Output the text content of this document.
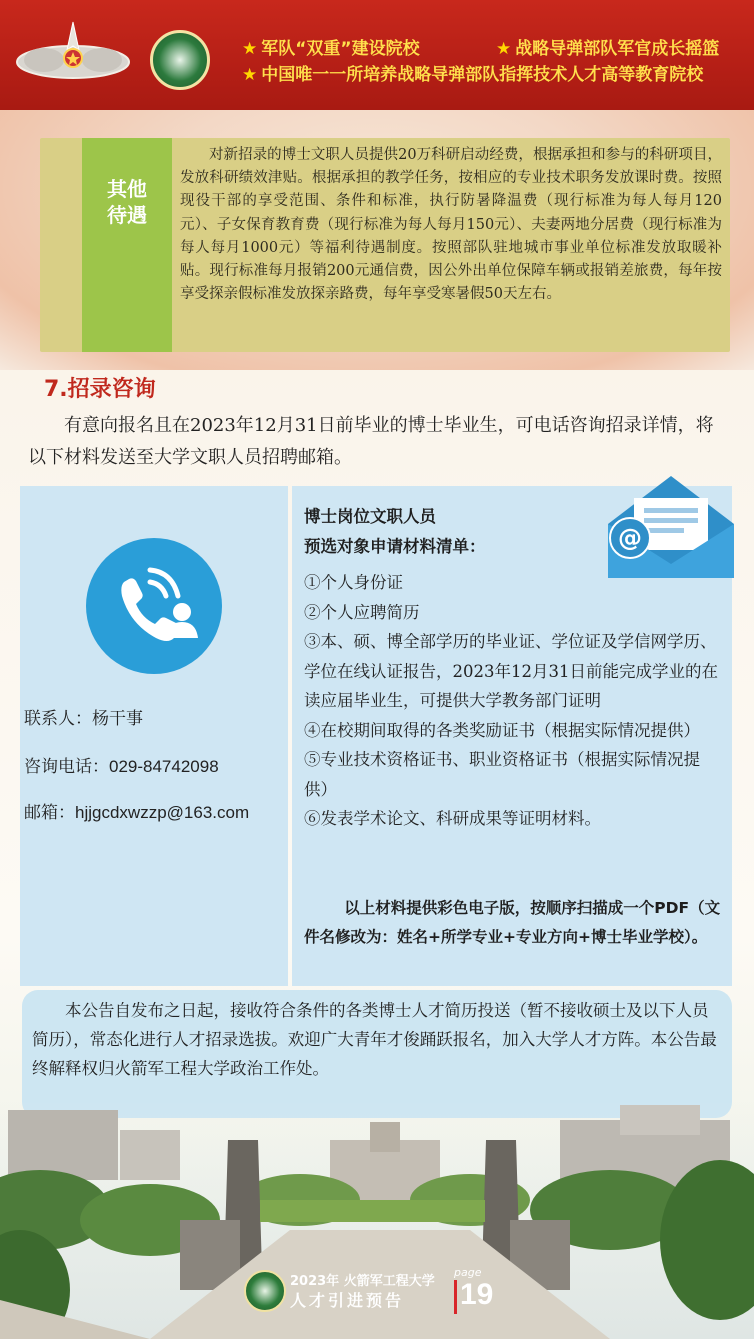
★ 军队“双重”建设院校	★ 战略导弹部队军官成长摇篮
★ 中国唯一一所培养战略导弹部队指挥技术人才高等教育院校
其他
待遇
对新招录的博士文职人员提供20万科研启动经费，根据承担和参与的科研项目，发放科研绩效津贴。根据承担的教学任务，按相应的专业技术职务发放课时费。按照现役干部的享受范围、条件和标准，执行防暑降温费（现行标准为每人每月120元）、子女保育教育费（现行标准为每人每月150元）、夫妻两地分居费（现行标准为每人每月1000元）等福利待遇制度。按照部队驻地城市事业单位标准发放取暖补贴。现行标准每月报销200元通信费，因公外出单位保障车辆或报销差旅费，每年按享受探亲假标准发放探亲路费，每年享受寒暑假50天左右。
7.招录咨询
有意向报名且在2023年12月31日前毕业的博士毕业生，可电话咨询招录详情，将以下材料发送至大学文职人员招聘邮箱。
联系人：杨干事
咨询电话：029-84742098
邮箱：hjjgcdxwzzp@163.com
@
博士岗位文职人员
预选对象申请材料清单：
①个人身份证
②个人应聘简历
③本、硕、博全部学历的毕业证、学位证及学信网学历、学位在线认证报告，2023年12月31日前能完成学业的在读应届毕业生，可提供大学教务部门证明
④在校期间取得的各类奖励证书（根据实际情况提供）
⑤专业技术资格证书、职业资格证书（根据实际情况提供）
⑥发表学术论文、科研成果等证明材料。
以上材料提供彩色电子版，按顺序扫描成一个PDF（文件名修改为：姓名+所学专业+专业方向+博士毕业学校）。
本公告自发布之日起，接收符合条件的各类博士人才简历投送（暂不接收硕士及以下人员简历），常态化进行人才招录选拔。欢迎广大青年才俊踊跃报名，加入大学人才方阵。本公告最终解释权归火箭军工程大学政治工作处。
2023年 火箭军工程大学
人才引进预告
page
19
